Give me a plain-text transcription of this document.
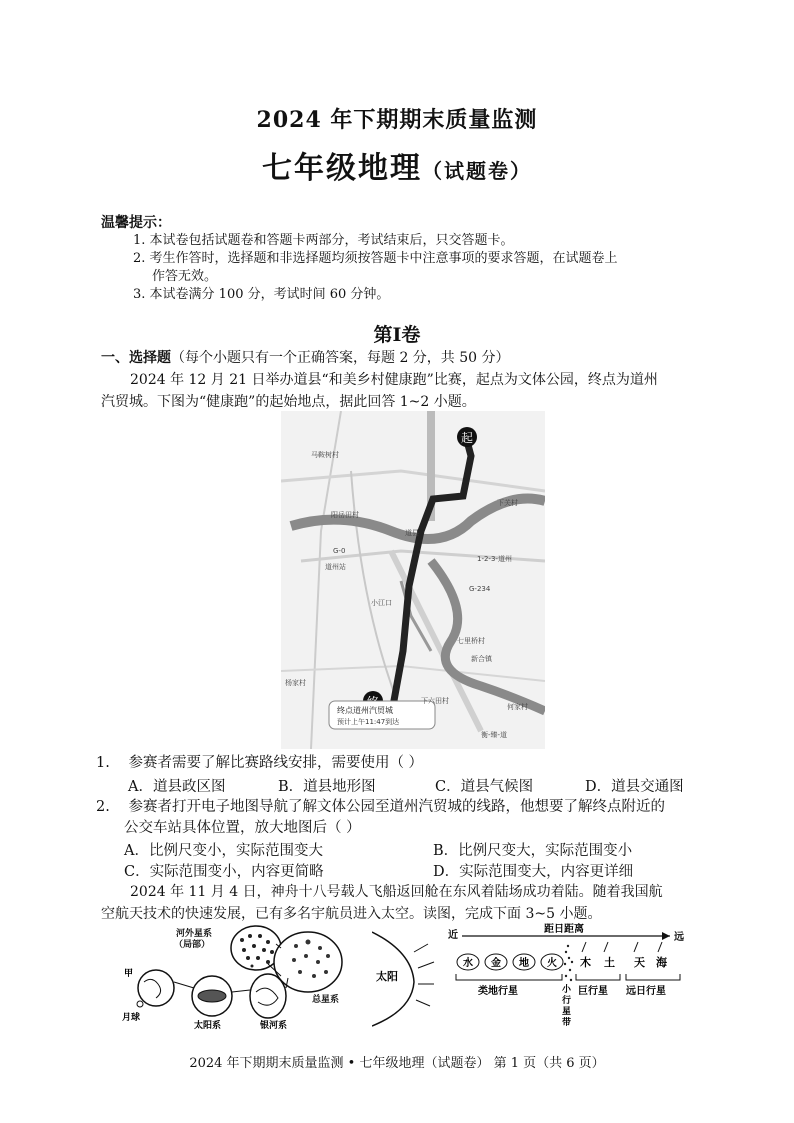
2024 年下期期末质量监测
七年级地理（试题卷）
温馨提示：
1. 本试卷包括试题卷和答题卡两部分，考试结束后，只交答题卡。
2. 考生作答时，选择题和非选择题均须按答题卡中注意事项的要求答题，在试题卷上
作答无效。
3. 本试卷满分 100 分，考试时间 60 分钟。
第Ⅰ卷
一、选择题（每个小题只有一个正确答案，每题 2 分，共 50 分）
2024 年 12 月 21 日举办道县“和美乡村健康跑”比赛，起点为文体公园，终点为道州
汽贸城。下图为“健康跑”的起始地点，据此回答 1~2 小题。
起
终点道州汽贸城
预计上午11:47到达
马鞍树村
阳岳田村
道县
道州站
小江口
七里桥村
新合镇
杨家村
下关村
下六田村
何家村
1-2-3-道州
G-234
G-0
衡-臻-道
1. 参赛者需要了解比赛路线安排，需要使用（ ）
A．道县政区图	B．道县地形图	C．道县气候图	D．道县交通图
2. 参赛者打开电子地图导航了解文体公园至道州汽贸城的线路，他想要了解终点附近的
公交车站具体位置，放大地图后（ ）
A．比例尺变小，实际范围变大	B．比例尺变大，实际范围变小
C．实际范围变小，内容更简略	D．实际范围变大，内容更详细
2024 年 11 月 4 日，神舟十八号载人飞船返回舱在东风着陆场成功着陆。随着我国航
空航天技术的快速发展，已有多名宇航员进入太空。读图，完成下面 3~5 小题。
河外星系
（局部）
总星系
甲
月球
太阳系	银河系
太阳
近
距日距离
远
水 金 地 火 木 土 天 海
类地行星	巨行星 远日行星
小
行
星
带
2024 年下期期末质量监测 • 七年级地理（试题卷） 第 1 页（共 6 页）
